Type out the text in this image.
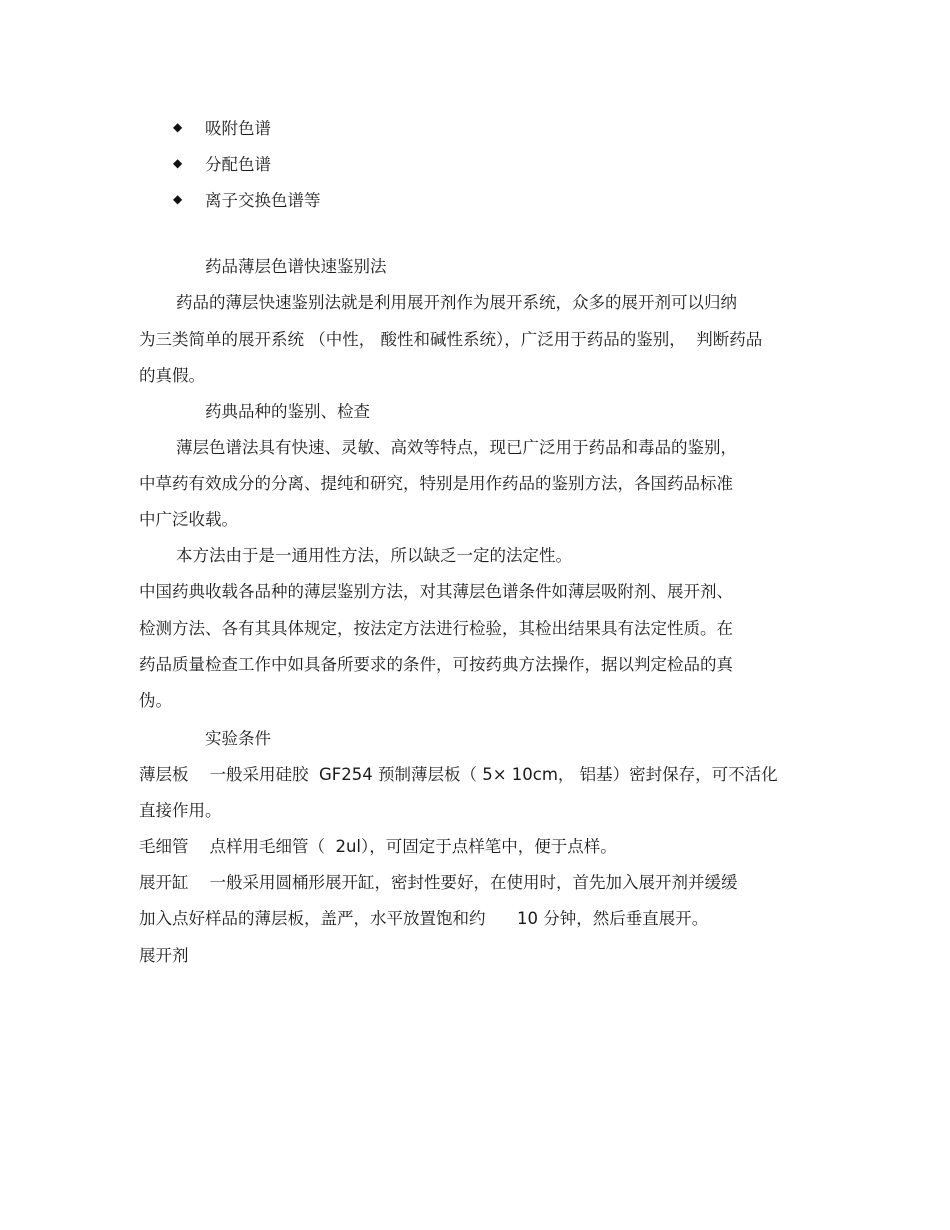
◆ 吸附色谱
◆ 分配色谱
◆ 离子交换色谱等
药品薄层色谱快速鉴别法
药品的薄层快速鉴别法就是利用展开剂作为展开系统，众多的展开剂可以归纳
为三类简单的展开系统 （中性， 酸性和碱性系统），广泛用于药品的鉴别，  判断药品
的真假。
药典品种的鉴别、检查
薄层色谱法具有快速、灵敏、高效等特点，现已广泛用于药品和毒品的鉴别，
中草药有效成分的分离、提纯和研究，特别是用作药品的鉴别方法，各国药品标准
中广泛收载。
本方法由于是一通用性方法，所以缺乏一定的法定性。
中国药典收载各品种的薄层鉴别方法，对其薄层色谱条件如薄层吸附剂、展开剂、
检测方法、各有其具体规定，按法定方法进行检验，其检出结果具有法定性质。在
药品质量检查工作中如具备所要求的条件，可按药典方法操作，据以判定检品的真
伪。
实验条件
薄层板    一般采用硅胶  GF254 预制薄层板（ 5× 10cm， 铝基）密封保存，可不活化
直接作用。
毛细管    点样用毛细管（  2ul），可固定于点样笔中，便于点样。
展开缸    一般采用圆桶形展开缸，密封性要好，在使用时，首先加入展开剂并缓缓
加入点好样品的薄层板，盖严，水平放置饱和约      10 分钟，然后垂直展开。
展开剂
